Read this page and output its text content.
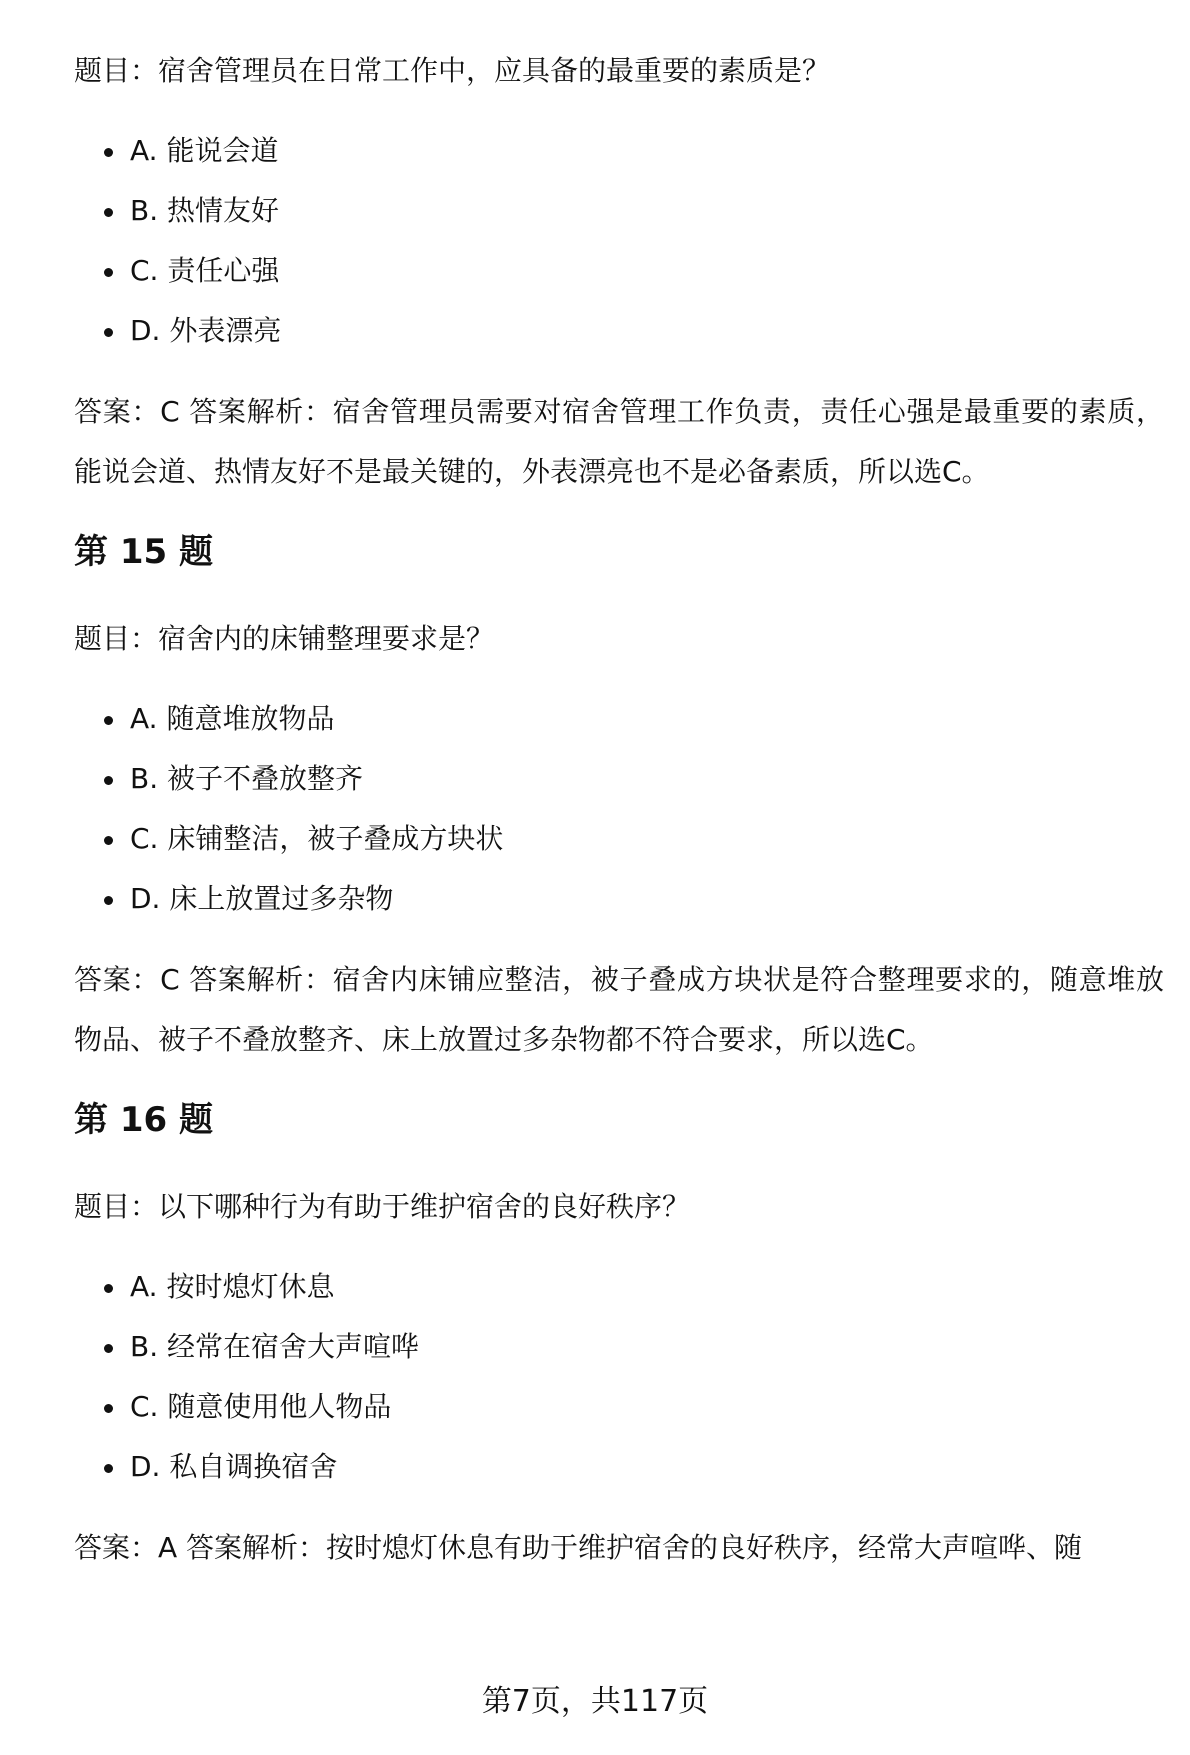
题目：宿舍管理员在日常工作中，应具备的最重要的素质是？

A. 能说会道
B. 热情友好
C. 责任心强
D. 外表漂亮

答案：C 答案解析：宿舍管理员需要对宿舍管理工作负责，责任心强是最重要的素质，能说会道、热情友好不是最关键的，外表漂亮也不是必备素质，所以选C。

第 15 题

题目：宿舍内的床铺整理要求是？

A. 随意堆放物品
B. 被子不叠放整齐
C. 床铺整洁，被子叠成方块状
D. 床上放置过多杂物

答案：C 答案解析：宿舍内床铺应整洁，被子叠成方块状是符合整理要求的，随意堆放物品、被子不叠放整齐、床上放置过多杂物都不符合要求，所以选C。

第 16 题

题目：以下哪种行为有助于维护宿舍的良好秩序？

A. 按时熄灯休息
B. 经常在宿舍大声喧哗
C. 随意使用他人物品
D. 私自调换宿舍

答案：A 答案解析：按时熄灯休息有助于维护宿舍的良好秩序，经常大声喧哗、随

第7页，共117页
